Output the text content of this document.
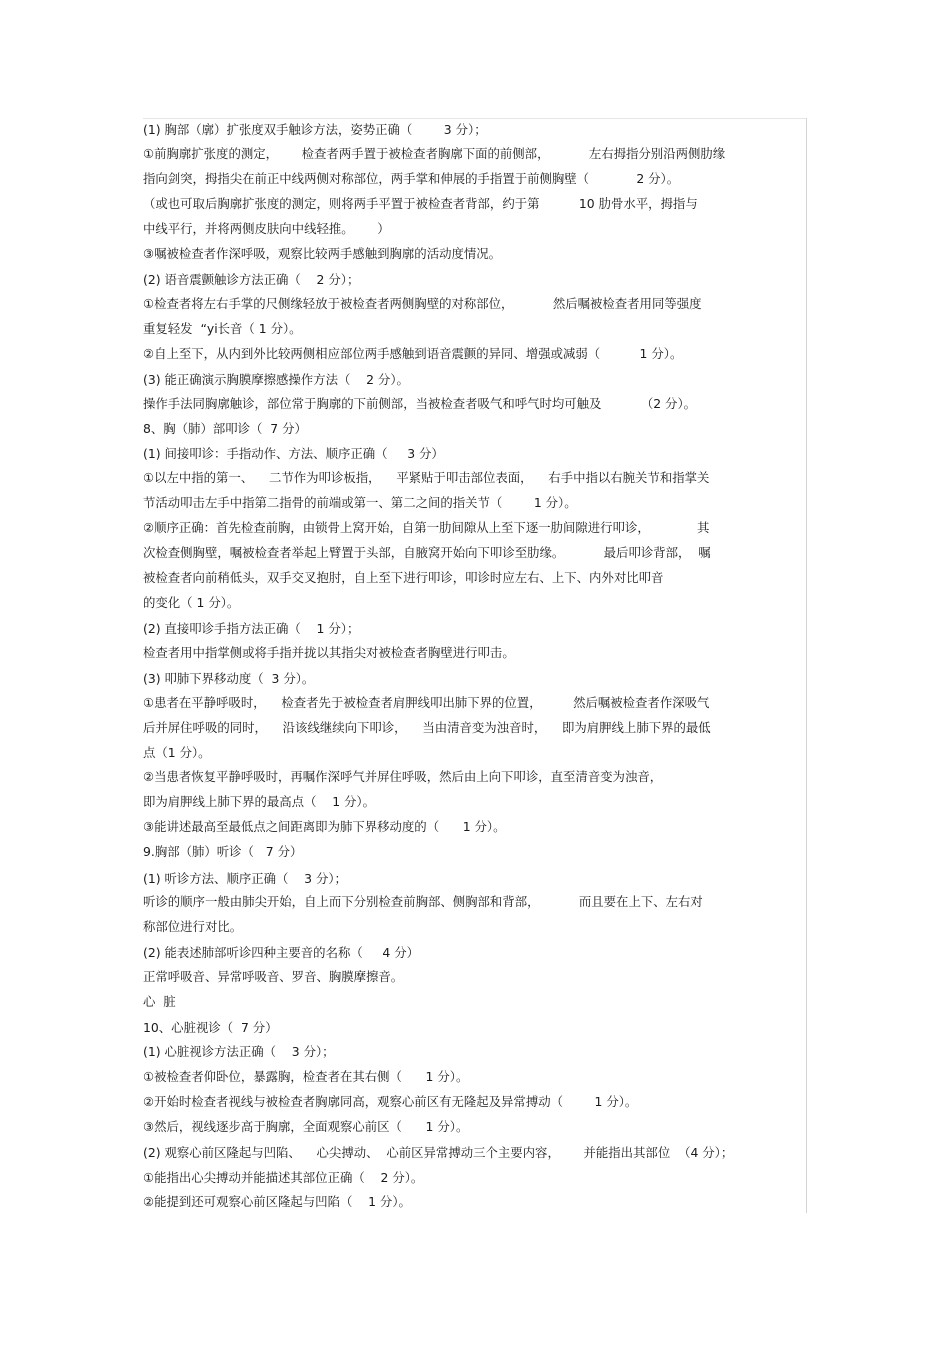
(1) 胸部（廓）扩张度双手触诊方法，姿势正确（        3 分）；
①前胸廓扩张度的测定，      检查者两手置于被检查者胸廓下面的前侧部，          左右拇指分别沿两侧肋缘
指向剑突，拇指尖在前正中线两侧对称部位，两手掌和伸展的手指置于前侧胸壁（            2 分）。
（或也可取后胸廓扩张度的测定，则将两手平置于被检查者背部，约于第          10 肋骨水平，拇指与
中线平行，并将两侧皮肤向中线轻推。      ）
③嘱被检查者作深呼吸，观察比较两手感触到胸廓的活动度情况。
(2) 语音震颤触诊方法正确（    2 分）；
①检查者将左右手掌的尺侧缘轻放于被检查者两侧胸壁的对称部位，          然后嘱被检查者用同等强度
重复轻发  “yi长音（ 1 分）。
②自上至下，从内到外比较两侧相应部位两手感触到语音震颤的异同、增强或减弱（          1 分）。
(3) 能正确演示胸膜摩擦感操作方法（    2 分）。
操作手法同胸廓触诊，部位常于胸廓的下前侧部，当被检查者吸气和呼气时均可触及          （2 分）。
8、胸（肺）部叩诊（  7 分）
(1) 间接叩诊：手指动作、方法、顺序正确（     3 分）
①以左中指的第一、    二节作为叩诊板指，    平紧贴于叩击部位表面，    右手中指以右腕关节和指掌关
节活动叩击左手中指第二指骨的前端或第一、第二之间的指关节（        1 分）。
②顺序正确：首先检查前胸，由锁骨上窝开始，自第一肋间隙从上至下逐一肋间隙进行叩诊，            其
次检查侧胸壁，嘱被检查者举起上臂置于头部，自腋窝开始向下叩诊至肋缘。          最后叩诊背部，  嘱
被检查者向前稍低头，双手交叉抱肘，自上至下进行叩诊，叩诊时应左右、上下、内外对比叩音
的变化（ 1 分）。
(2) 直接叩诊手指方法正确（    1 分）；
检查者用中指掌侧或将手指并拢以其指尖对被检查者胸壁进行叩击。
(3) 叩肺下界移动度（  3 分）。
①患者在平静呼吸时，    检查者先于被检查者肩胛线叩出肺下界的位置，        然后嘱被检查者作深吸气
后并屏住呼吸的同时，    沿该线继续向下叩诊，    当由清音变为浊音时，    即为肩胛线上肺下界的最低
点（1 分）。
②当患者恢复平静呼吸时，再嘱作深呼气并屏住呼吸，然后由上向下叩诊，直至清音变为浊音，
即为肩胛线上肺下界的最高点（    1 分）。
③能讲述最高至最低点之间距离即为肺下界移动度的（      1 分）。
9.胸部（肺）听诊（   7 分）
(1) 听诊方法、顺序正确（    3 分）；
听诊的顺序一般由肺尖开始，自上而下分别检查前胸部、侧胸部和背部，          而且要在上下、左右对
称部位进行对比。
(2) 能表述肺部听诊四种主要音的名称（     4 分）
正常呼吸音、异常呼吸音、罗音、胸膜摩擦音。
心  脏
10、心脏视诊（  7 分）
(1) 心脏视诊方法正确（    3 分）；
①被检查者仰卧位，暴露胸，检查者在其右侧（      1 分）。
②开始时检查者视线与被检查者胸廓同高，观察心前区有无隆起及异常搏动（        1 分）。
③然后，视线逐步高于胸廓，全面观察心前区（      1 分）。
(2) 观察心前区隆起与凹陷、    心尖搏动、  心前区异常搏动三个主要内容，      并能指出其部位  （4 分）；
①能指出心尖搏动并能描述其部位正确（    2 分）。
②能提到还可观察心前区隆起与凹陷（    1 分）。
